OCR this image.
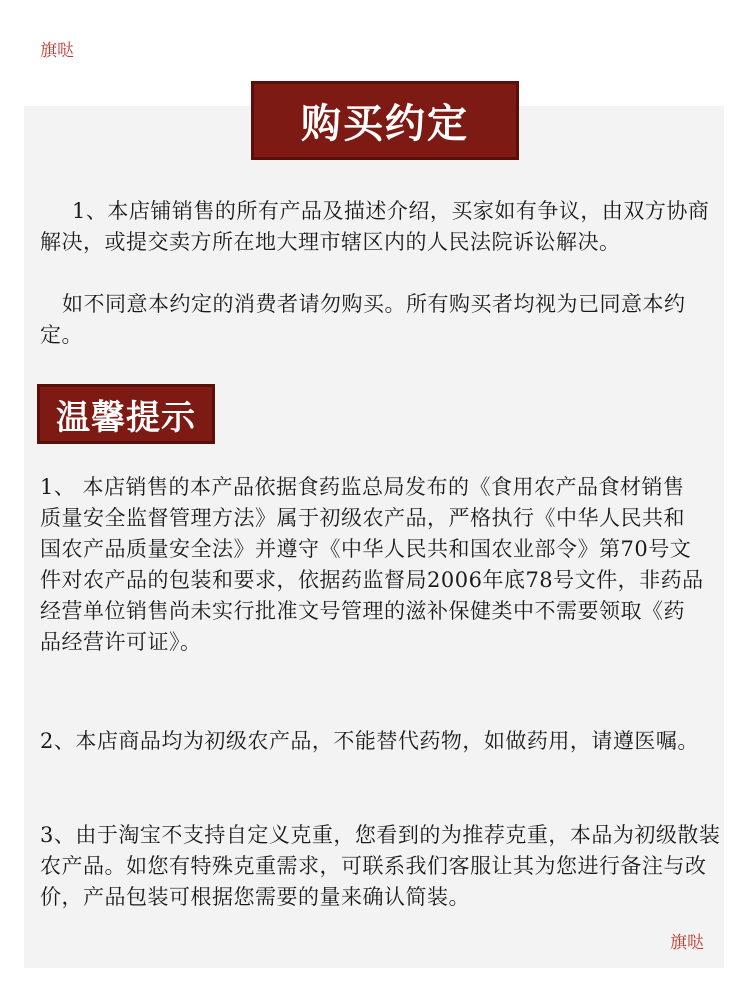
旗哒
购买约定

1、本店铺销售的所有产品及描述介绍，买家如有争议，由双方协商解决，或提交卖方所在地大理市辖区内的人民法院诉讼解决。

如不同意本约定的消费者请勿购买。所有购买者均视为已同意本约定。

温馨提示

1、 本店销售的本产品依据食药监总局发布的《食用农产品食材销售质量安全监督管理方法》属于初级农产品，严格执行《中华人民共和国农产品质量安全法》并遵守《中华人民共和国农业部令》第70号文件对农产品的包装和要求，依据药监督局2006年底78号文件，非药品经营单位销售尚未实行批准文号管理的滋补保健类中不需要领取《药品经营许可证》。

2、本店商品均为初级农产品，不能替代药物，如做药用，请遵医嘱。

3、由于淘宝不支持自定义克重，您看到的为推荐克重，本品为初级散装农产品。如您有特殊克重需求，可联系我们客服让其为您进行备注与改价，产品包装可根据您需要的量来确认简装。

旗哒
